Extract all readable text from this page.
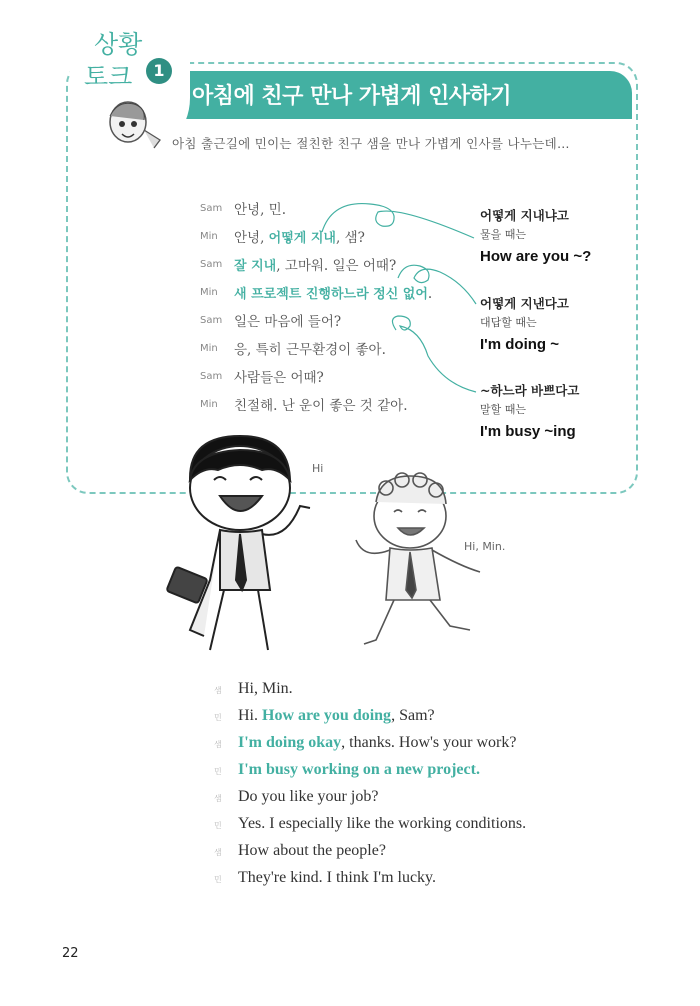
아침에 친구 만나 가볍게 인사하기
상황
토크	1
아침 출근길에 민이는 절친한 친구 샘을 만나 가볍게 인사를 나누는데…
Sam 안녕, 민.
Min	안녕, 어떻게 지내, 샘?
Sam 잘 지내, 고마워. 일은 어때?
Min	새 프로젝트 진행하느라 정신 없어.
Sam 일은 마음에 들어?
Min	응, 특히 근무환경이 좋아.
Sam 사람들은 어때?
Min	친절해. 난 운이 좋은 것 같아.
어떻게 지내냐고
물을 때는
How are you ~?
어떻게 지낸다고
대답할 때는
I'm doing ~
~하느라 바쁘다고
말할 때는
I'm busy ~ing
Hi
Hi, Min.
샘	Hi, Min.
민	Hi. How are you doing, Sam?
샘	I'm doing okay, thanks. How's your work?
민	I'm busy working on a new project.
샘	Do you like your job?
민	Yes. I especially like the working conditions.
샘	How about the people?
민	They're kind. I think I'm lucky.
22
